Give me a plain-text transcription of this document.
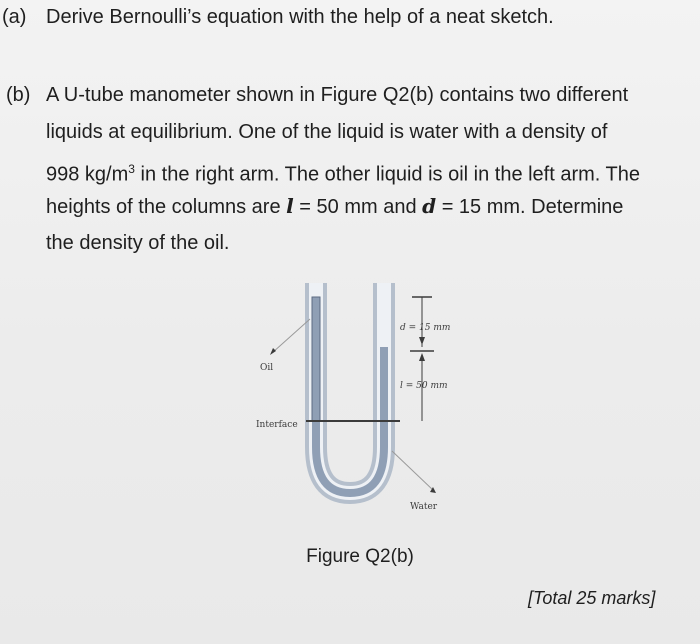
(a) Derive Bernoulli’s equation with the help of a neat sketch.
(b) A U-tube manometer shown in Figure Q2(b) contains two different
liquids at equilibrium. One of the liquid is water with a density of
998 $kg/m^3$ in the right arm. The other liquid is oil in the left arm. The
heights of the columns are l = 50 mm and d = 15 mm. Determine
the density of the oil.
d = 15 mm
l = 50 mm
Oil
Interface
Water
Figure Q2(b)
[Total 25 marks]
